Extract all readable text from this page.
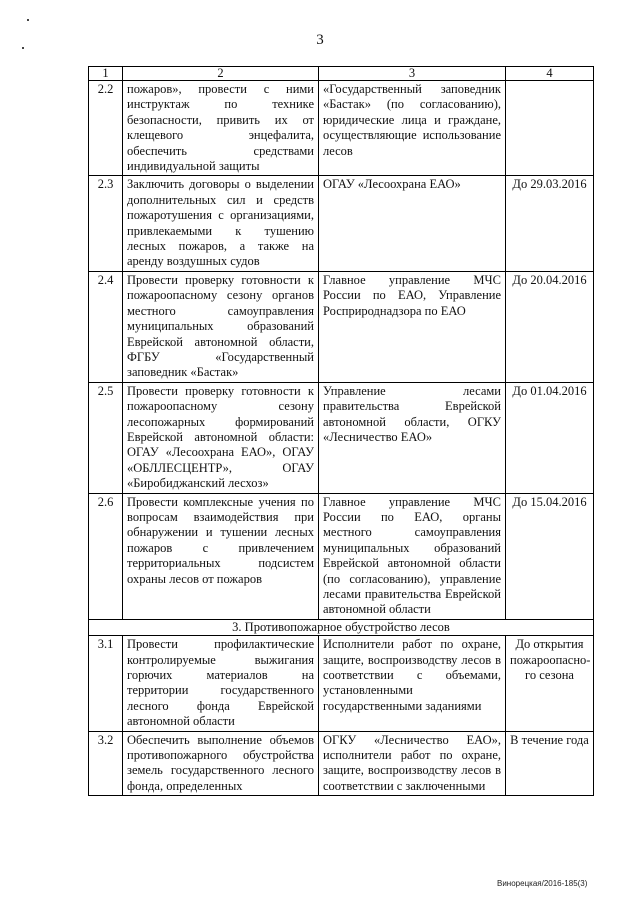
3
1	2	3	4
2.2	пожаров», провести с ними инструктаж по технике безопасности, привить их от клещевого энцефалита, обеспечить средствами индивидуальной защиты	«Государственный заповедник «Бастак» (по согласованию), юридические лица и граждане, осуществляющие использование лесов	
2.3	Заключить договоры о выделении дополнительных сил и средств пожаротушения с организациями, привлекаемыми к тушению лесных пожаров, а также на аренду воздушных судов	ОГАУ «Лесоохрана ЕАО»	До 29.03.2016
2.4	Провести проверку готовности к пожароопасному сезону органов местного самоуправления муниципальных образований Еврейской автономной области, ФГБУ «Государственный заповедник «Бастак»	Главное управление МЧС России по ЕАО, Управление Росприроднадзора по ЕАО	До 20.04.2016
2.5	Провести проверку готовности к пожароопасному сезону лесопожарных формирований Еврейской автономной области: ОГАУ «Лесоохрана ЕАО», ОГАУ «ОБЛЛЕСЦЕНТР», ОГАУ «Биробиджанский лесхоз»	Управление лесами правительства Еврейской автономной области, ОГКУ «Лесничество ЕАО»	До 01.04.2016
2.6	Провести комплексные учения по вопросам взаимодействия при обнаружении и тушении лесных пожаров с привлечением территориальных подсистем охраны лесов от пожаров	Главное управление МЧС России по ЕАО, органы местного самоуправления муниципальных образований Еврейской автономной области (по согласованию), управление лесами правительства Еврейской автономной области	До 15.04.2016
3. Противопожарное обустройство лесов			
3.1	Провести профилактические контролируемые выжигания горючих материалов на территории государственного лесного фонда Еврейской автономной области	Исполнители работ по охране, защите, воспроизводству лесов в соответствии с объемами, установленными государственными заданиями	До открытия пожароопасно-го сезона
3.2	Обеспечить выполнение объемов противопожарного обустройства земель государственного лесного фонда, определенных	ОГКУ «Лесничество ЕАО», исполнители работ по охране, защите, воспроизводству лесов в соответствии с заключенными	В течение года
Винорецкая/2016-185(3)
